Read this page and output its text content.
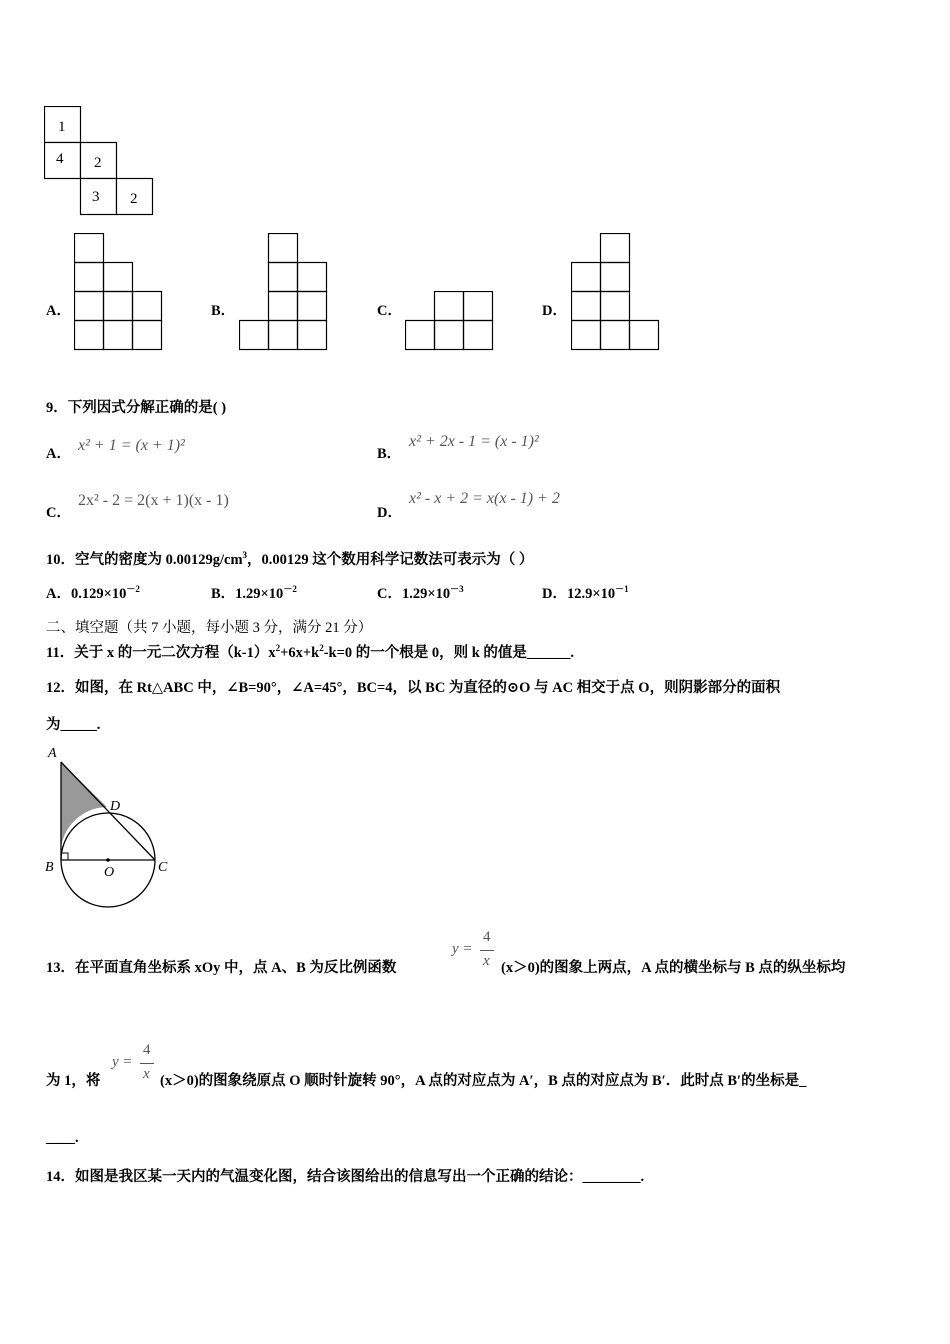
1
4 2
3 2
A．	B．	C．	D．
9．下列因式分解正确的是( )
A． x² + 1 = (x + 1)²	B．
x² + 2x - 1 = (x - 1)²
C．
2x² - 2 = 2(x + 1)(x - 1)
D．
x² - x + 2 = x(x - 1) + 2
10．空气的密度为 $0.00129g/cm^3$，0.00129 这个数用科学记数法可表示为（ ）
A．$0.129\times 10^{-2}$	B．$1.29\times 10^{-2}$	C．$1.29\times 10^{-3}$	D．$12.9\times 10^{-1}$
二、填空题（共 7 小题，每小题 3 分，满分 21 分）
11．关于 x 的一元二次方程$(k-1)x^2+6x+k^2-k=0$ 的一个根是 0，则 k 的值是______.
12．如图，在 Rt△ABC 中，∠B=90°，∠A=45°，BC=4，以 BC 为直径的⊙O 与 AC 相交于点 O，则阴影部分的面积
为_____.
A
D
B	O	C
13．在平面直角坐标系 xOy 中，点 A、B 为反比例函数
y =
4
x (x＞0)的图象上两点，A 点的横坐标与 B 点的纵坐标均
为 1，将
y =
4
x (x＞0)的图象绕原点 O 顺时针旋转 90°，A 点的对应点为 A′，B 点的对应点为 B′．此时点 B′的坐标是_
____.
14．如图是我区某一天内的气温变化图，结合该图给出的信息写出一个正确的结论：________.
